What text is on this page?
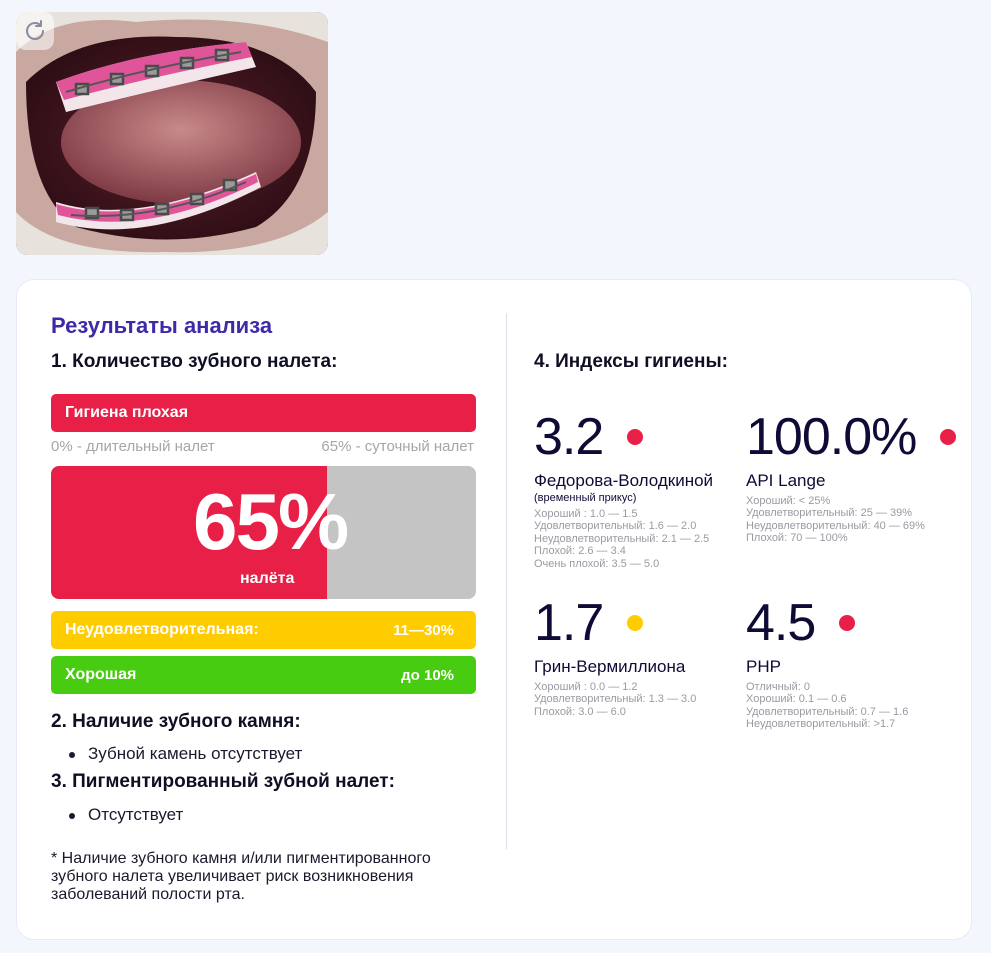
Результаты анализа
1. Количество зубного налета:
Гигиена плохая
0% - длительный налет	65% - суточный налет
65%
налёта
Неудовлетворительная:	11—30%
Хорошая	до 10%
2. Наличие зубного камня:
Зубной камень отсутствует
3. Пигментированный зубной налет:
Отсутствует
* Наличие зубного камня и/или пигментированного зубного налета увеличивает риск возникновения заболеваний полости рта.
4. Индексы гигиены:
3.2
Федорова-Володкиной
(временный прикус)
Хороший : 1.0 — 1.5
Удовлетворительный: 1.6 — 2.0
Неудовлетворительный: 2.1 — 2.5
Плохой: 2.6 — 3.4
Очень плохой: 3.5 — 5.0
100.0%
API Lange
Хороший: < 25%
Удовлетворительный: 25 — 39%
Неудовлетворительный: 40 — 69%
Плохой: 70 — 100%
1.7
Грин-Вермиллиона
Хороший : 0.0 — 1.2
Удовлетворительный: 1.3 — 3.0
Плохой: 3.0 — 6.0
4.5
PHP
Отличный: 0
Хороший: 0.1 — 0.6
Удовлетворительный: 0.7 — 1.6
Неудовлетворительный: >1.7
